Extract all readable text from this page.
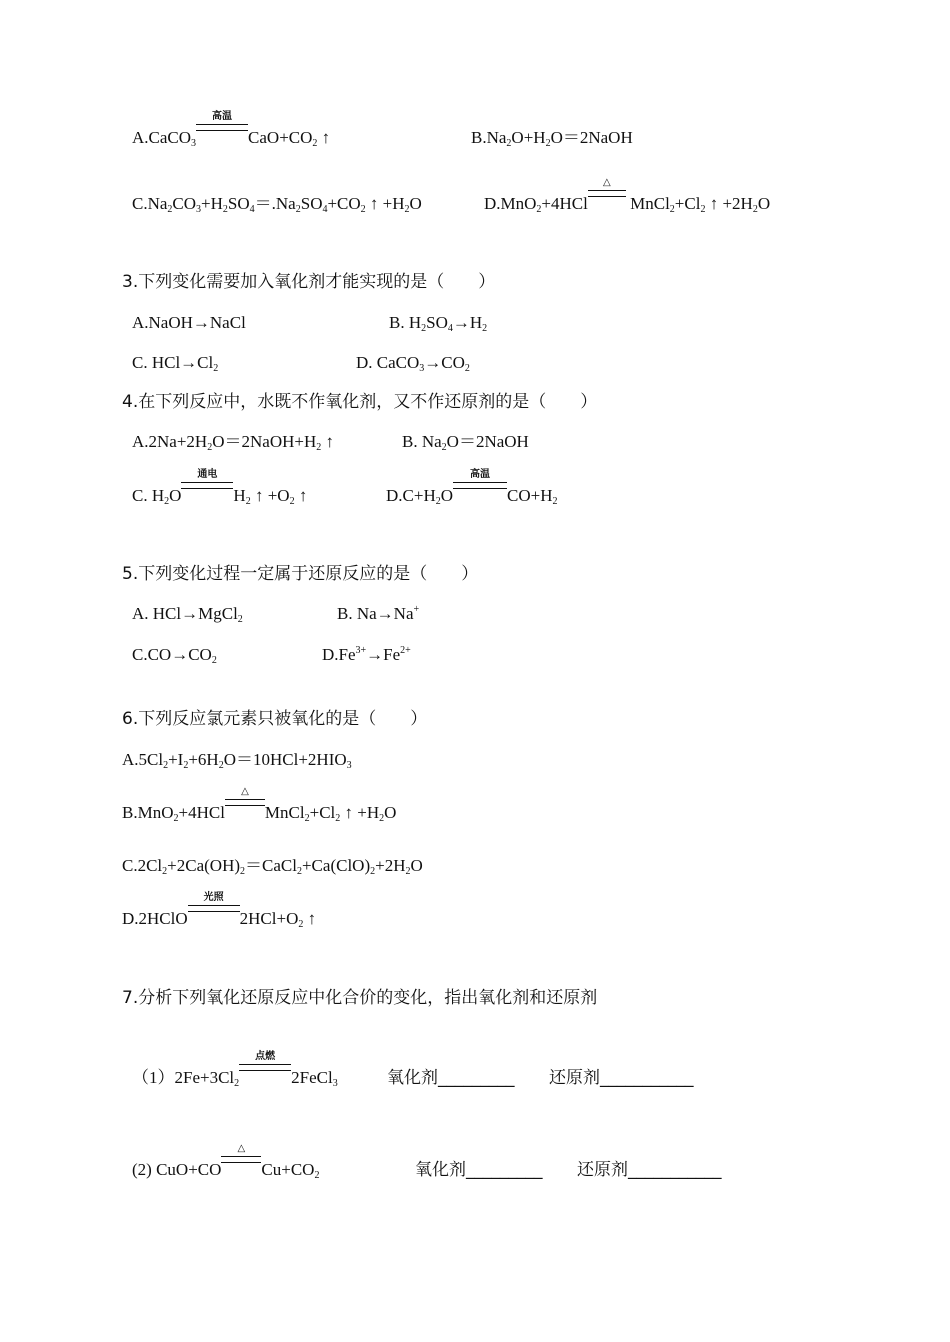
A.CaCO$_3$
高温
$CaO+CO_2$ ↑	$B.Na_2O+H_2O=2NaOH$
$C.Na_2CO_3+H_2SO_4=.Na_2SO_4+CO_2$ ↑ $+H_2O$	D.MnO$_2$+4HCl
△
$MnCl_2+Cl_2$ ↑ $+2H_2O$
3.下列变化需要加入氧化剂才能实现的是（　　）
A.NaOH→NaCl	B. $H_2SO_4\to H_2$
C. $HCl\to Cl_2$	D. $CaCO_3\to CO_2$
4.在下列反应中，水既不作氧化剂，又不作还原剂的是（　　）
$A.2Na+2H_2O=2NaOH+H_2$ ↑	B. $Na_2O=2NaOH$
C. $H_2O$
通电
$H_2$ ↑ $+O_2$ ↑	$D.C+H_2O$
高温
$CO+H_2$
5.下列变化过程一定属于还原反应的是（　　）
A. HCl→MgCl$_2$	B. Na→Na+
$C.CO\to CO_2$	$D.Fe^{3+}\to Fe^{2+}$
6.下列反应氯元素只被氧化的是（　　）
$A.5Cl_2+I_2+6H_2O=10HCl+2HIO_3$
B.MnO$_2$+4HCl
△
$MnCl_2+Cl_2$ ↑ $+H_2O$
$C.2Cl_2+2Ca(OH)_2=CaCl_2+Ca(ClO)_2+2H_2O$
D.2HClO
光照
$2HCl+O_2$ ↑
7.分析下列氧化还原反应中化合价的变化，指出氧化剂和还原剂
$(1)2Fe+3Cl_2$
点燃
2FeCl$_3$	氧化剂_________ 还原剂___________
(2) CuO+CO
△
$Cu+CO_2$	氧化剂_________ 还原剂___________
